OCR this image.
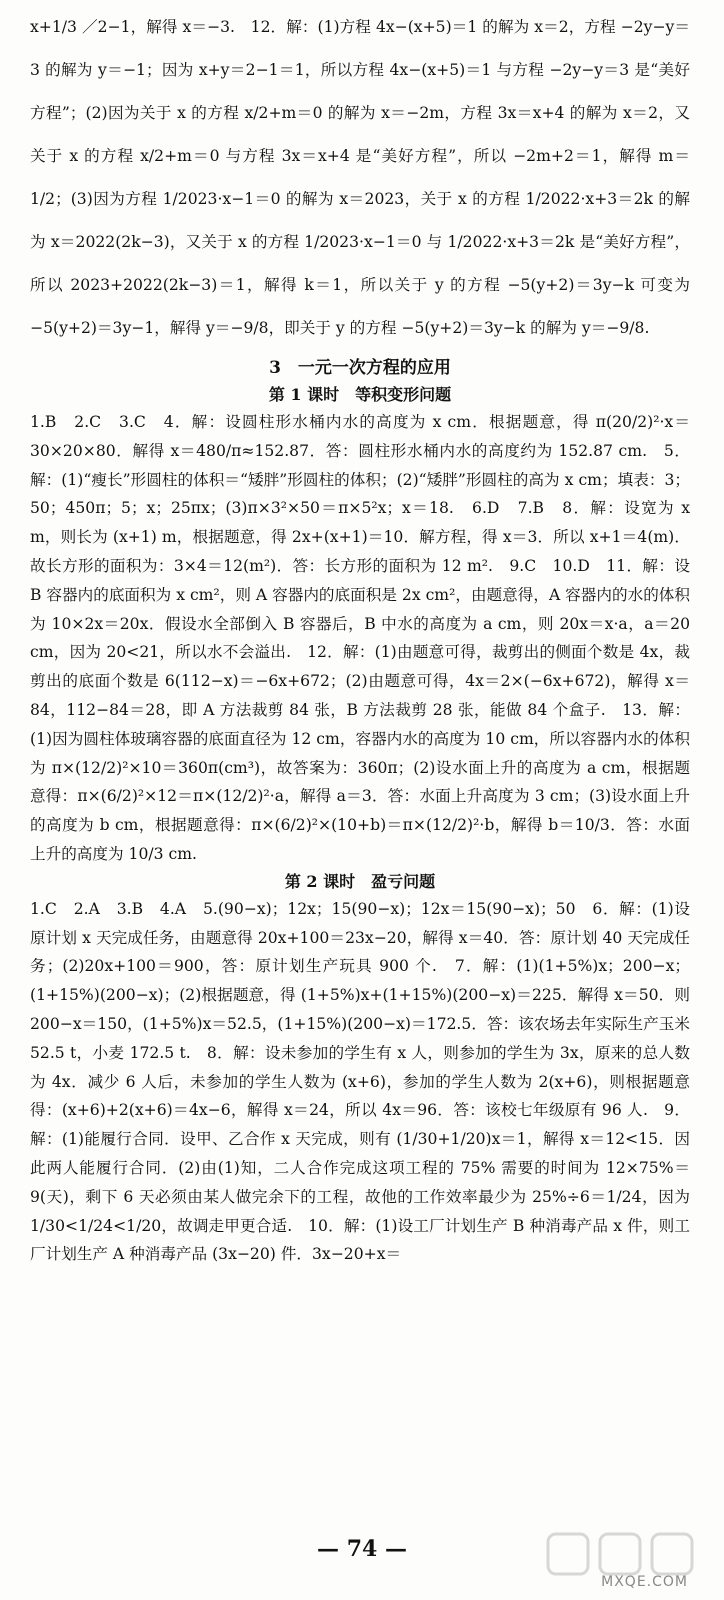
x+1/3 ／2−1，解得 x＝−3.　12．解：(1)方程 4x−(x+5)＝1 的解为 x＝2，方程 −2y−y＝3 的解为 y＝−1；因为 x+y＝2−1＝1，所以方程 4x−(x+5)＝1 与方程 −2y−y＝3 是“美好方程”；(2)因为关于 x 的方程 x/2+m＝0 的解为 x＝−2m，方程 3x＝x+4 的解为 x＝2，又关于 x 的方程 x/2+m＝0 与方程 3x＝x+4 是“美好方程”，所以 −2m+2＝1，解得 m＝1/2；(3)因为方程 1/2023·x−1＝0 的解为 x＝2023，关于 x 的方程 1/2022·x+3＝2k 的解为 x＝2022(2k−3)，又关于 x 的方程 1/2023·x−1＝0 与 1/2022·x+3＝2k 是“美好方程”，所以 2023+2022(2k−3)＝1，解得 k＝1，所以关于 y 的方程 −5(y+2)＝3y−k 可变为 −5(y+2)＝3y−1，解得 y＝−9/8，即关于 y 的方程 −5(y+2)＝3y−k 的解为 y＝−9/8.

3　一元一次方程的应用
第 1 课时　等积变形问题

1.B　2.C　3.C　4．解：设圆柱形水桶内水的高度为 x cm．根据题意，得 π(20/2)²·x＝30×20×80．解得 x＝480/π≈152.87．答：圆柱形水桶内水的高度约为 152.87 cm.　5．解：(1)“瘦长”形圆柱的体积＝“矮胖”形圆柱的体积；(2)“矮胖”形圆柱的高为 x cm；填表：3；50；450π；5；x；25πx；(3)π×3²×50＝π×5²x；x＝18.　6.D　7.B　8．解：设宽为 x m，则长为 (x+1) m，根据题意，得 2x+(x+1)＝10．解方程，得 x＝3．所以 x+1＝4(m)．故长方形的面积为：3×4＝12(m²)．答：长方形的面积为 12 m².　9.C　10.D　11．解：设 B 容器内的底面积为 x cm²，则 A 容器内的底面积是 2x cm²，由题意得，A 容器内的水的体积为 10×2x＝20x．假设水全部倒入 B 容器后，B 中水的高度为 a cm，则 20x＝x·a，a＝20 cm，因为 20<21，所以水不会溢出.　12．解：(1)由题意可得，裁剪出的侧面个数是 4x，裁剪出的底面个数是 6(112−x)＝−6x+672；(2)由题意可得，4x＝2×(−6x+672)，解得 x＝84，112−84＝28，即 A 方法裁剪 84 张，B 方法裁剪 28 张，能做 84 个盒子.　13．解：(1)因为圆柱体玻璃容器的底面直径为 12 cm，容器内水的高度为 10 cm，所以容器内水的体积为 π×(12/2)²×10＝360π(cm³)，故答案为：360π；(2)设水面上升的高度为 a cm，根据题意得：π×(6/2)²×12＝π×(12/2)²·a，解得 a＝3．答：水面上升高度为 3 cm；(3)设水面上升的高度为 b cm，根据题意得：π×(6/2)²×(10+b)＝π×(12/2)²·b，解得 b＝10/3．答：水面上升的高度为 10/3 cm.

第 2 课时　盈亏问题

1.C　2.A　3.B　4.A　5.(90−x)；12x；15(90−x)；12x＝15(90−x)；50　6．解：(1)设原计划 x 天完成任务，由题意得 20x+100＝23x−20，解得 x＝40．答：原计划 40 天完成任务；(2)20x+100＝900，答：原计划生产玩具 900 个.　7．解：(1)(1+5%)x；200−x；(1+15%)(200−x)；(2)根据题意，得 (1+5%)x+(1+15%)(200−x)＝225．解得 x＝50．则 200−x＝150，(1+5%)x＝52.5，(1+15%)(200−x)＝172.5．答：该农场去年实际生产玉米 52.5 t，小麦 172.5 t.　8．解：设未参加的学生有 x 人，则参加的学生为 3x，原来的总人数为 4x．减少 6 人后，未参加的学生人数为 (x+6)，参加的学生人数为 2(x+6)，则根据题意得：(x+6)+2(x+6)＝4x−6，解得 x＝24，所以 4x＝96．答：该校七年级原有 96 人.　9．解：(1)能履行合同．设甲、乙合作 x 天完成，则有 (1/30+1/20)x＝1，解得 x＝12<15．因此两人能履行合同．(2)由(1)知，二人合作完成这项工程的 75% 需要的时间为 12×75%＝9(天)，剩下 6 天必须由某人做完余下的工程，故他的工作效率最少为 25%÷6＝1/24，因为 1/30<1/24<1/20，故调走甲更合适.　10．解：(1)设工厂计划生产 B 种消毒产品 x 件，则工厂计划生产 A 种消毒产品 (3x−20) 件．3x−20+x＝

— 74 —
MXQE.COM
